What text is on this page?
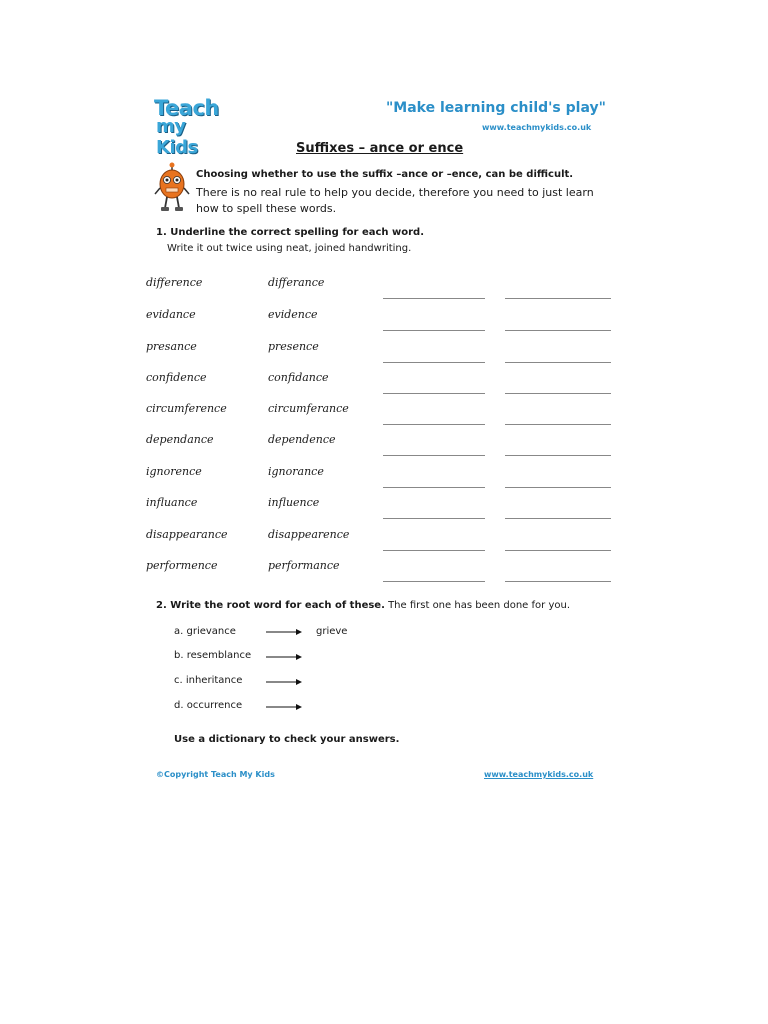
Teach
my Kids
"Make learning child's play"
www.teachmykids.co.uk
Suffixes – ance or ence
Choosing whether to use the suffix –ance or –ence, can be difficult.
There is no real rule to help you decide, therefore you need to just learn how to spell these words.
1. Underline the correct spelling for each word.
Write it out twice using neat, joined handwriting.
difference	differance
evidance	evidence
presance	presence
confidence	confidance
circumference	circumferance
dependance	dependence
ignorence	ignorance
influance	influence
disappearance	disappearence
performence	performance
2. Write the root word for each of these. The first one has been done for you.
a. grievance	grieve
b. resemblance
c. inheritance
d. occurrence
Use a dictionary to check your answers.
©Copyright Teach My Kids	www.teachmykids.co.uk
